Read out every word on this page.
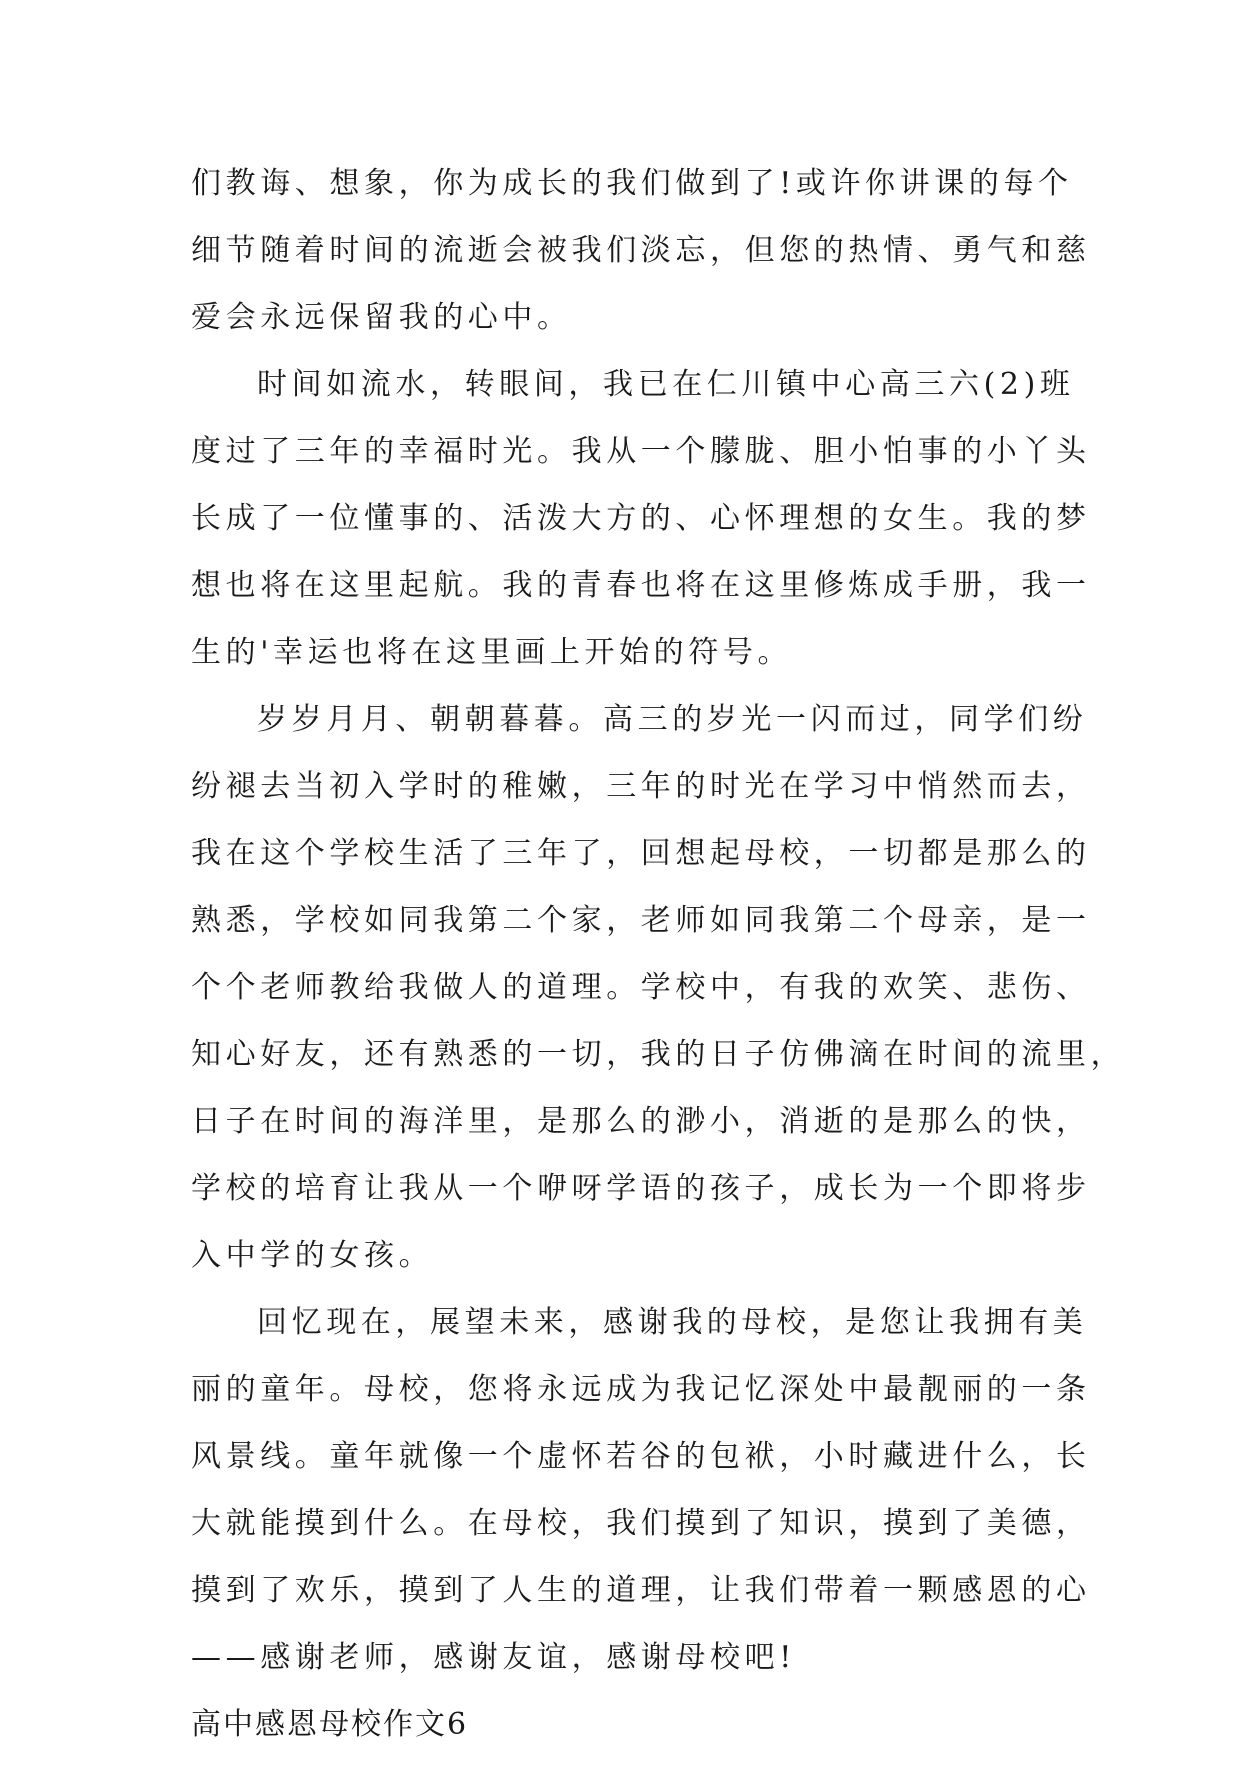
们教诲、想象，你为成长的我们做到了!或许你讲课的每个
细节随着时间的流逝会被我们淡忘，但您的热情、勇气和慈
爱会永远保留我的心中。
时间如流水，转眼间，我已在仁川镇中心高三六(2)班
度过了三年的幸福时光。我从一个朦胧、胆小怕事的小丫头
长成了一位懂事的、活泼大方的、心怀理想的女生。我的梦
想也将在这里起航。我的青春也将在这里修炼成手册，我一
生的'幸运也将在这里画上开始的符号。
岁岁月月、朝朝暮暮。高三的岁光一闪而过，同学们纷
纷褪去当初入学时的稚嫩，三年的时光在学习中悄然而去，
我在这个学校生活了三年了，回想起母校，一切都是那么的
熟悉，学校如同我第二个家，老师如同我第二个母亲，是一
个个老师教给我做人的道理。学校中，有我的欢笑、悲伤、
知心好友，还有熟悉的一切，我的日子仿佛滴在时间的流里，
日子在时间的海洋里，是那么的渺小，消逝的是那么的快，
学校的培育让我从一个咿呀学语的孩子，成长为一个即将步
入中学的女孩。
回忆现在，展望未来，感谢我的母校，是您让我拥有美
丽的童年。母校，您将永远成为我记忆深处中最靓丽的一条
风景线。童年就像一个虚怀若谷的包袱，小时藏进什么，长
大就能摸到什么。在母校，我们摸到了知识，摸到了美德，
摸到了欢乐，摸到了人生的道理，让我们带着一颗感恩的心
——感谢老师，感谢友谊，感谢母校吧!
高中感恩母校作文6
